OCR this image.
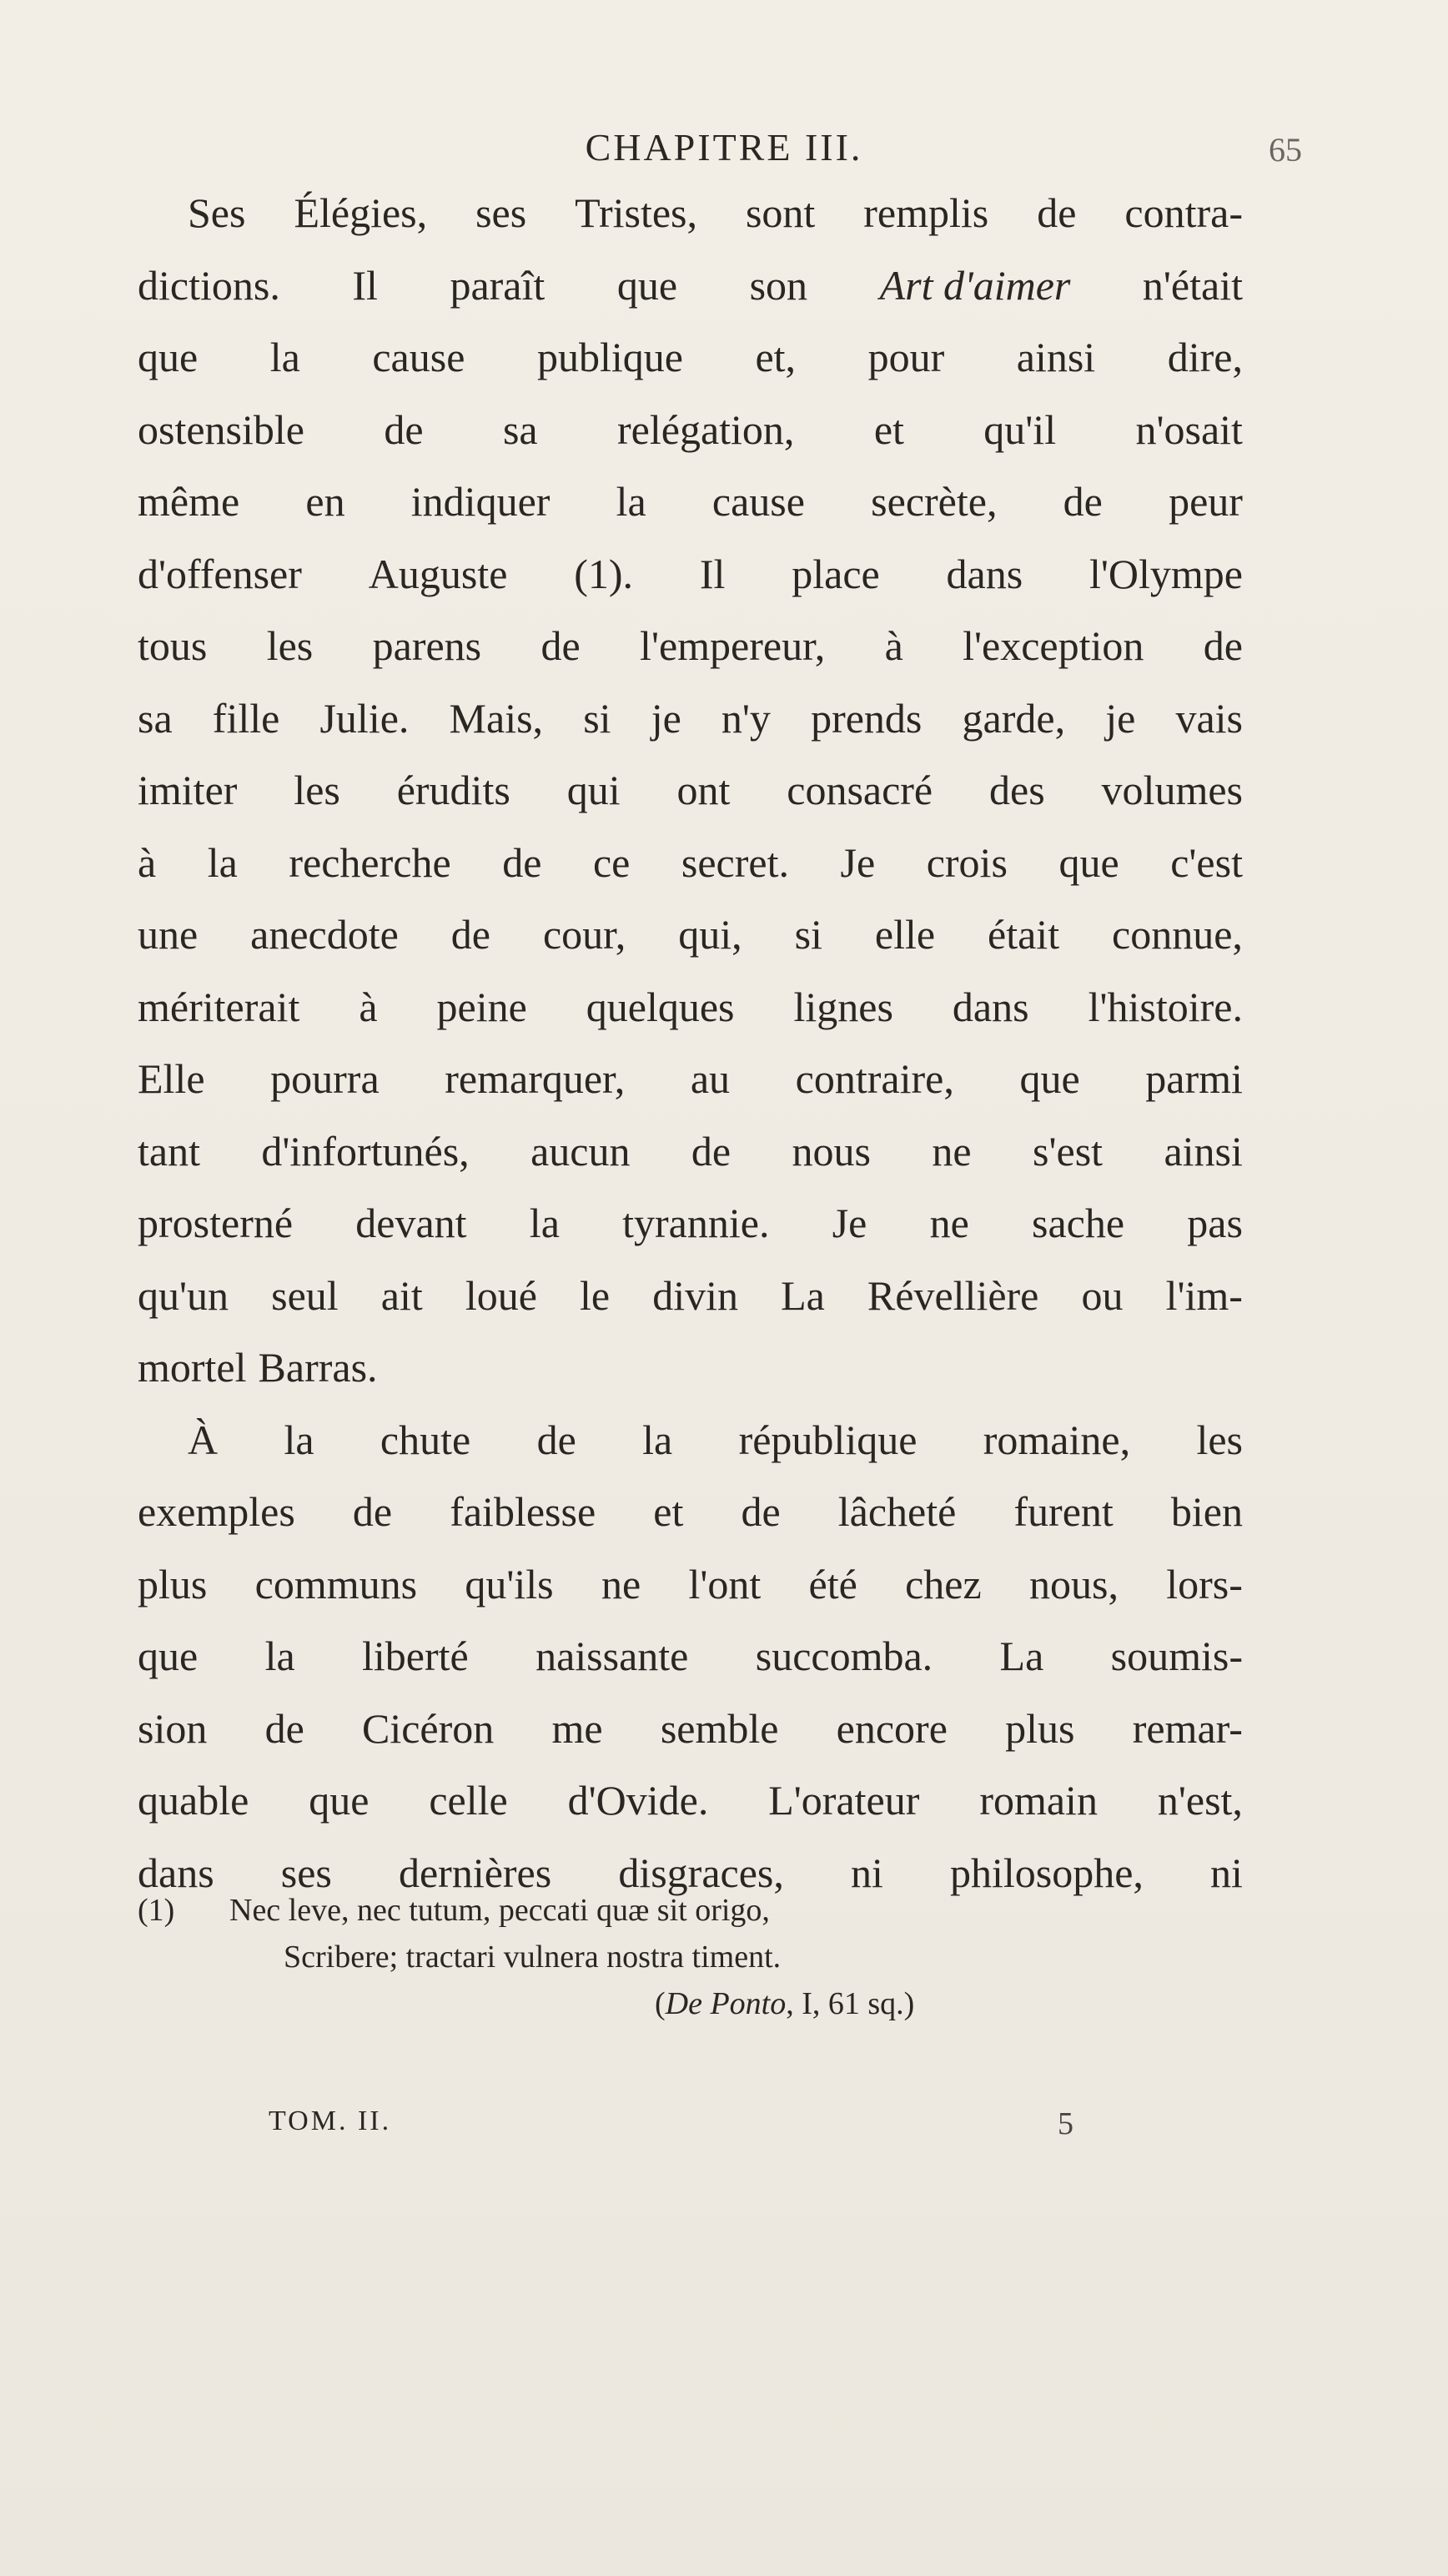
CHAPITRE III.	65
Ses Élégies, ses Tristes, sont remplis de contra-
dictions. Il paraît que son Art d'aimer n'était
que la cause publique et, pour ainsi dire,
ostensible de sa relégation, et qu'il n'osait
même en indiquer la cause secrète, de peur
d'offenser Auguste (1). Il place dans l'Olympe
tous les parens de l'empereur, à l'exception de
sa fille Julie. Mais, si je n'y prends garde, je vais
imiter les érudits qui ont consacré des volumes
à la recherche de ce secret. Je crois que c'est
une anecdote de cour, qui, si elle était connue,
mériterait à peine quelques lignes dans l'histoire.
Elle pourra remarquer, au contraire, que parmi
tant d'infortunés, aucun de nous ne s'est ainsi
prosterné devant la tyrannie. Je ne sache pas
qu'un seul ait loué le divin La Révellière ou l'im-
mortel Barras.
À la chute de la république romaine, les
exemples de faiblesse et de lâcheté furent bien
plus communs qu'ils ne l'ont été chez nous, lors-
que la liberté naissante succomba. La soumis-
sion de Cicéron me semble encore plus remar-
quable que celle d'Ovide. L'orateur romain n'est,
dans ses dernières disgraces, ni philosophe, ni
(1) Nec leve, nec tutum, peccati quæ sit origo,
Scribere; tractari vulnera nostra timent.
(De Ponto, I, 61 sq.)
TOM. II.	5
